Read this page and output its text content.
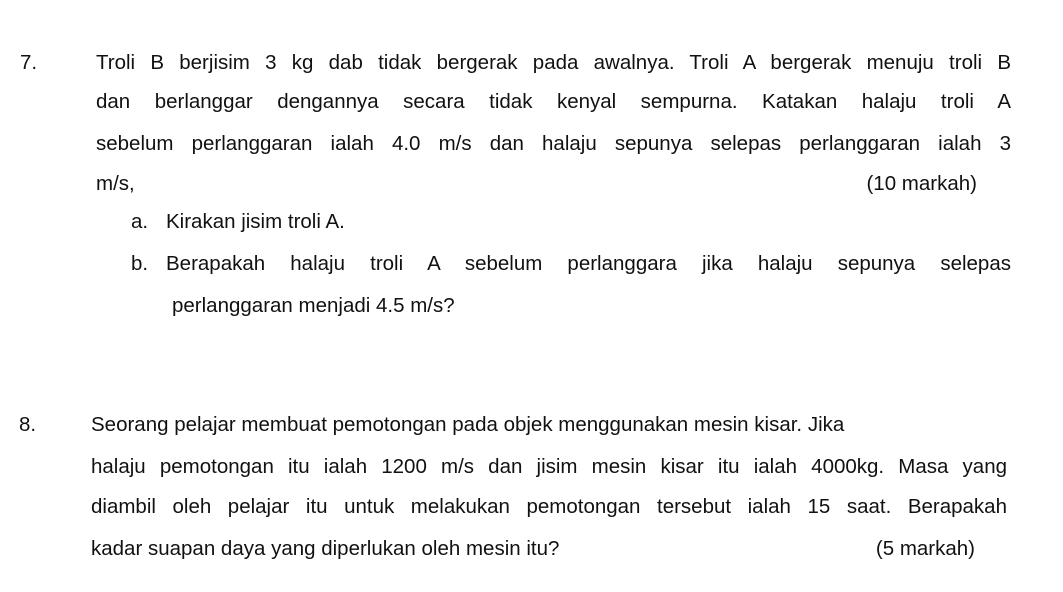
7.	Troli B berjisim 3 kg dab tidak bergerak pada awalnya. Troli A bergerak menuju troli B
dan berlanggar dengannya secara tidak kenyal sempurna. Katakan halaju troli A
sebelum perlanggaran ialah 4.0 m/s dan halaju sepunya selepas perlanggaran ialah 3
m/s,	(10 markah)
a. Kirakan jisim troli A.
b. Berapakah halaju troli A sebelum perlanggara jika halaju sepunya selepas
perlanggaran menjadi 4.5 m/s?
8.	Seorang pelajar membuat pemotongan pada objek menggunakan mesin kisar. Jika
halaju pemotongan itu ialah 1200 m/s dan jisim mesin kisar itu ialah 4000kg. Masa yang
diambil oleh pelajar itu untuk melakukan pemotongan tersebut ialah 15 saat. Berapakah
kadar suapan daya yang diperlukan oleh mesin itu?	(5 markah)
